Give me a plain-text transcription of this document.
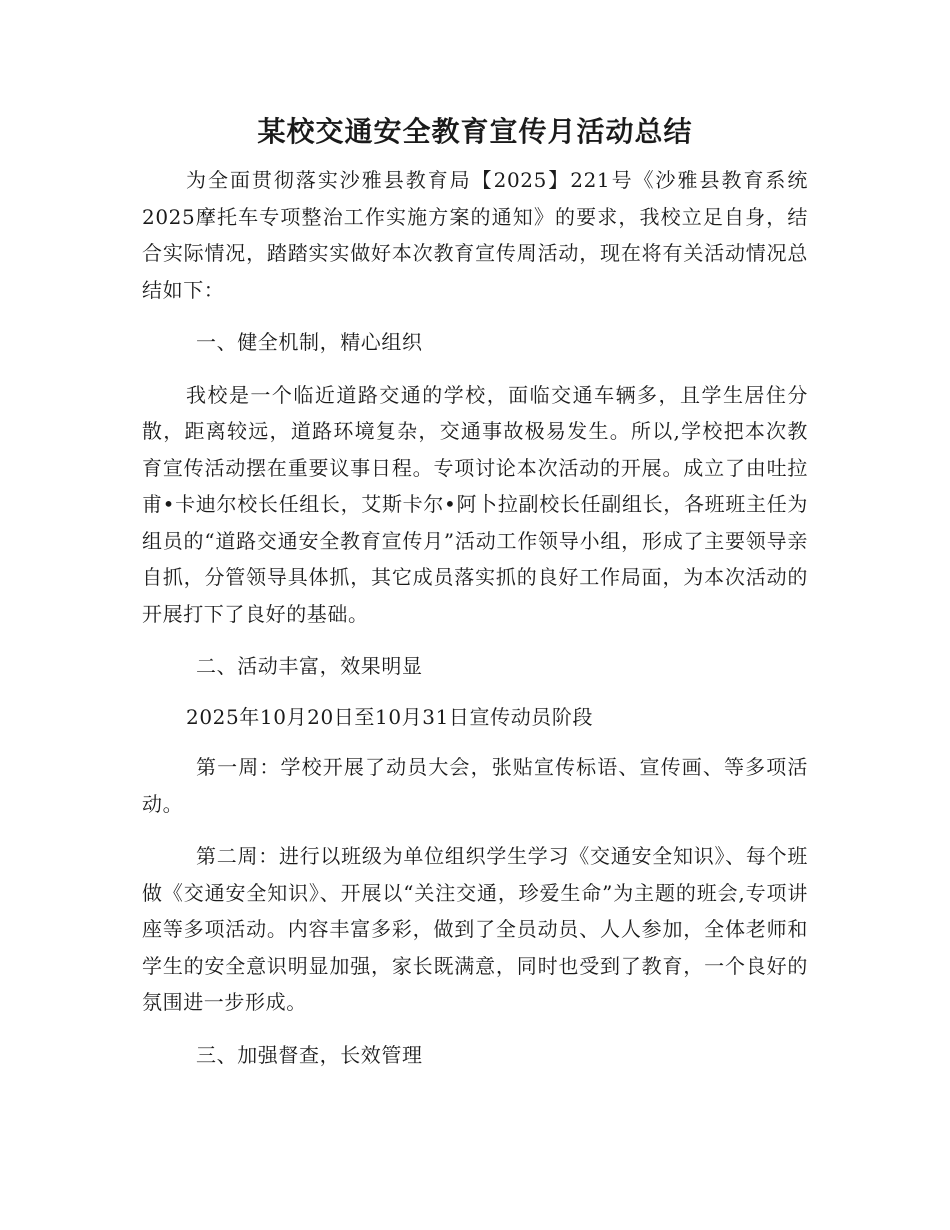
某校交通安全教育宣传月活动总结

为全面贯彻落实沙雅县教育局【2025】221号《沙雅县教育系统2025摩托车专项整治工作实施方案的通知》的要求，我校立足自身，结合实际情况，踏踏实实做好本次教育宣传周活动，现在将有关活动情况总结如下：

一、健全机制，精心组织

我校是一个临近道路交通的学校，面临交通车辆多，且学生居住分散，距离较远，道路环境复杂，交通事故极易发生。所以,学校把本次教育宣传活动摆在重要议事日程。专项讨论本次活动的开展。成立了由吐拉甫•卡迪尔校长任组长，艾斯卡尔•阿卜拉副校长任副组长，各班班主任为组员的“道路交通安全教育宣传月”活动工作领导小组，形成了主要领导亲自抓，分管领导具体抓，其它成员落实抓的良好工作局面，为本次活动的开展打下了良好的基础。

二、活动丰富，效果明显

2025年10月20日至10月31日宣传动员阶段

第一周：学校开展了动员大会，张贴宣传标语、宣传画、等多项活动。

第二周：进行以班级为单位组织学生学习《交通安全知识》、每个班做《交通安全知识》、开展以“关注交通，珍爱生命”为主题的班会,专项讲座等多项活动。内容丰富多彩，做到了全员动员、人人参加，全体老师和学生的安全意识明显加强，家长既满意，同时也受到了教育，一个良好的氛围进一步形成。

三、加强督查，长效管理
